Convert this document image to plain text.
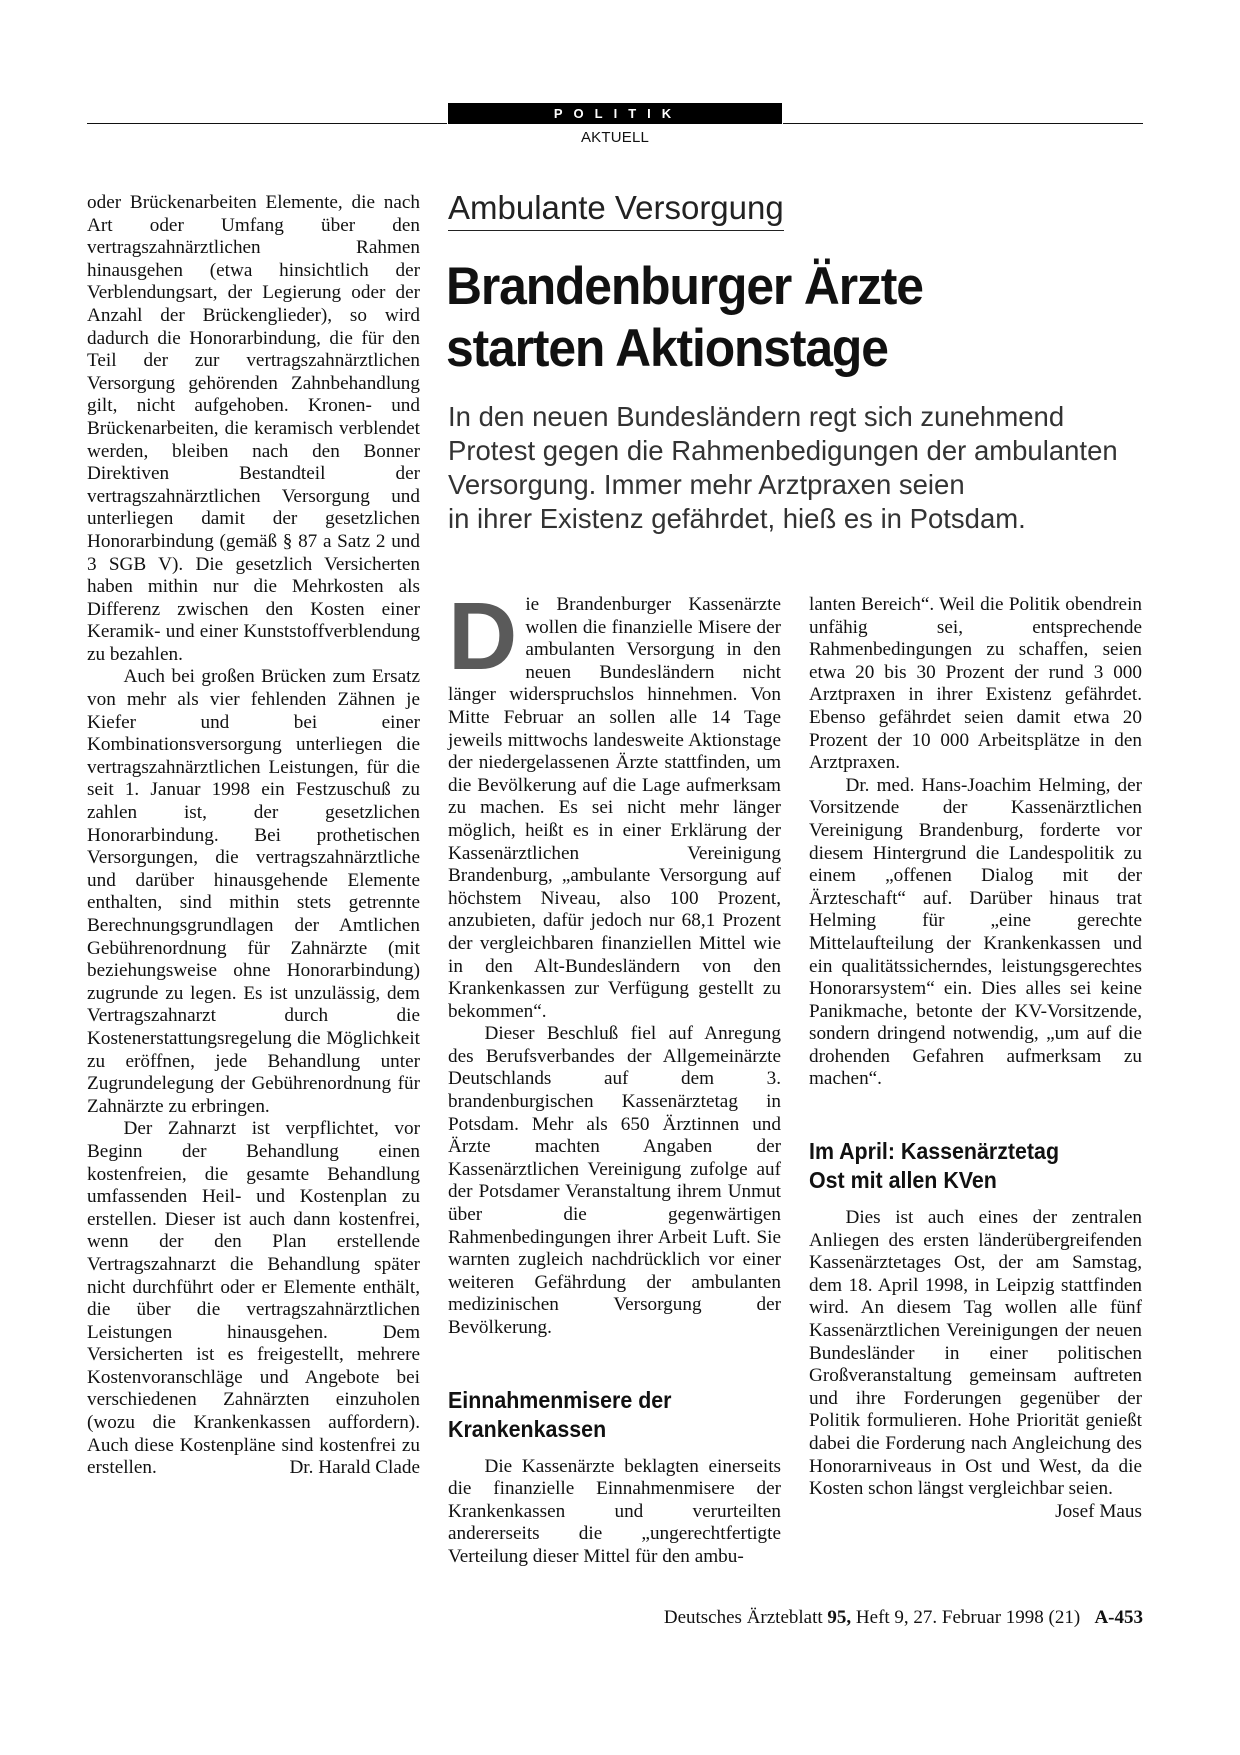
POLITIK
AKTUELL

oder Brückenarbeiten Elemente, die nach Art oder Umfang über den vertragszahnärztlichen Rahmen hinausgehen (etwa hinsichtlich der Verblendungsart, der Legierung oder der Anzahl der Brückenglieder), so wird dadurch die Honorarbindung, die für den Teil der zur vertragszahnärztlichen Versorgung gehörenden Zahnbehandlung gilt, nicht aufgehoben. Kronen- und Brückenarbeiten, die keramisch verblendet werden, bleiben nach den Bonner Direktiven Bestandteil der vertragszahnärztlichen Versorgung und unterliegen damit der gesetzlichen Honorarbindung (gemäß § 87 a Satz 2 und 3 SGB V). Die gesetzlich Versicherten haben mithin nur die Mehrkosten als Differenz zwischen den Kosten einer Keramik- und einer Kunststoffverblendung zu bezahlen.

Auch bei großen Brücken zum Ersatz von mehr als vier fehlenden Zähnen je Kiefer und bei einer Kombinationsversorgung unterliegen die vertragszahnärztlichen Leistungen, für die seit 1. Januar 1998 ein Festzuschuß zu zahlen ist, der gesetzlichen Honorarbindung. Bei prothetischen Versorgungen, die vertragszahnärztliche und darüber hinausgehende Elemente enthalten, sind mithin stets getrennte Berechnungsgrundlagen der Amtlichen Gebührenordnung für Zahnärzte (mit beziehungsweise ohne Honorarbindung) zugrunde zu legen. Es ist unzulässig, dem Vertragszahnarzt durch die Kostenerstattungsregelung die Möglichkeit zu eröffnen, jede Behandlung unter Zugrundelegung der Gebührenordnung für Zahnärzte zu erbringen.

Der Zahnarzt ist verpflichtet, vor Beginn der Behandlung einen kostenfreien, die gesamte Behandlung umfassenden Heil- und Kostenplan zu erstellen. Dieser ist auch dann kostenfrei, wenn der den Plan erstellende Vertragszahnarzt die Behandlung später nicht durchführt oder er Elemente enthält, die über die vertragszahnärztlichen Leistungen hinausgehen. Dem Versicherten ist es freigestellt, mehrere Kostenvoranschläge und Angebote bei verschiedenen Zahnärzten einzuholen (wozu die Krankenkassen auffordern). Auch diese Kostenpläne sind kostenfrei zu erstellen.	Dr. Harald Clade

Ambulante Versorgung
Brandenburger Ärzte
starten Aktionstage
In den neuen Bundesländern regt sich zunehmend
Protest gegen die Rahmenbedigungen der ambulanten
Versorgung. Immer mehr Arztpraxen seien
in ihrer Existenz gefährdet, hieß es in Potsdam.

Die Brandenburger Kassenärzte wollen die finanzielle Misere der ambulanten Versorgung in den neuen Bundesländern nicht länger widerspruchslos hinnehmen. Von Mitte Februar an sollen alle 14 Tage jeweils mittwochs landesweite Aktionstage der niedergelassenen Ärzte stattfinden, um die Bevölkerung auf die Lage aufmerksam zu machen. Es sei nicht mehr länger möglich, heißt es in einer Erklärung der Kassenärztlichen Vereinigung Brandenburg, „ambulante Versorgung auf höchstem Niveau, also 100 Prozent, anzubieten, dafür jedoch nur 68,1 Prozent der vergleichbaren finanziellen Mittel wie in den Alt-Bundesländern von den Krankenkassen zur Verfügung gestellt zu bekommen“.

Dieser Beschluß fiel auf Anregung des Berufsverbandes der Allgemeinärzte Deutschlands auf dem 3. brandenburgischen Kassenärztetag in Potsdam. Mehr als 650 Ärztinnen und Ärzte machten Angaben der Kassenärztlichen Vereinigung zufolge auf der Potsdamer Veranstaltung ihrem Unmut über die gegenwärtigen Rahmenbedingungen ihrer Arbeit Luft. Sie warnten zugleich nachdrücklich vor einer weiteren Gefährdung der ambulanten medizinischen Versorgung der Bevölkerung.

Einnahmenmisere der
Krankenkassen

Die Kassenärzte beklagten einerseits die finanzielle Einnahmenmisere der Krankenkassen und verurteilten andererseits die „ungerechtfertigte Verteilung dieser Mittel für den ambu-

lanten Bereich“. Weil die Politik obendrein unfähig sei, entsprechende Rahmenbedingungen zu schaffen, seien etwa 20 bis 30 Prozent der rund 3 000 Arztpraxen in ihrer Existenz gefährdet. Ebenso gefährdet seien damit etwa 20 Prozent der 10 000 Arbeitsplätze in den Arztpraxen.

Dr. med. Hans-Joachim Helming, der Vorsitzende der Kassenärztlichen Vereinigung Brandenburg, forderte vor diesem Hintergrund die Landespolitik zu einem „offenen Dialog mit der Ärzteschaft“ auf. Darüber hinaus trat Helming für „eine gerechte Mittelaufteilung der Krankenkassen und ein qualitätssicherndes, leistungsgerechtes Honorarsystem“ ein. Dies alles sei keine Panikmache, betonte der KV-Vorsitzende, sondern dringend notwendig, „um auf die drohenden Gefahren aufmerksam zu machen“.

Im April: Kassenärztetag
Ost mit allen KVen

Dies ist auch eines der zentralen Anliegen des ersten länderübergreifenden Kassenärztetages Ost, der am Samstag, dem 18. April 1998, in Leipzig stattfinden wird. An diesem Tag wollen alle fünf Kassenärztlichen Vereinigungen der neuen Bundesländer in einer politischen Großveranstaltung gemeinsam auftreten und ihre Forderungen gegenüber der Politik formulieren. Hohe Priorität genießt dabei die Forderung nach Angleichung des Honorarniveaus in Ost und West, da die Kosten schon längst vergleichbar seien.
Josef Maus

Deutsches Ärzteblatt 95, Heft 9, 27. Februar 1998 (21) A-453
